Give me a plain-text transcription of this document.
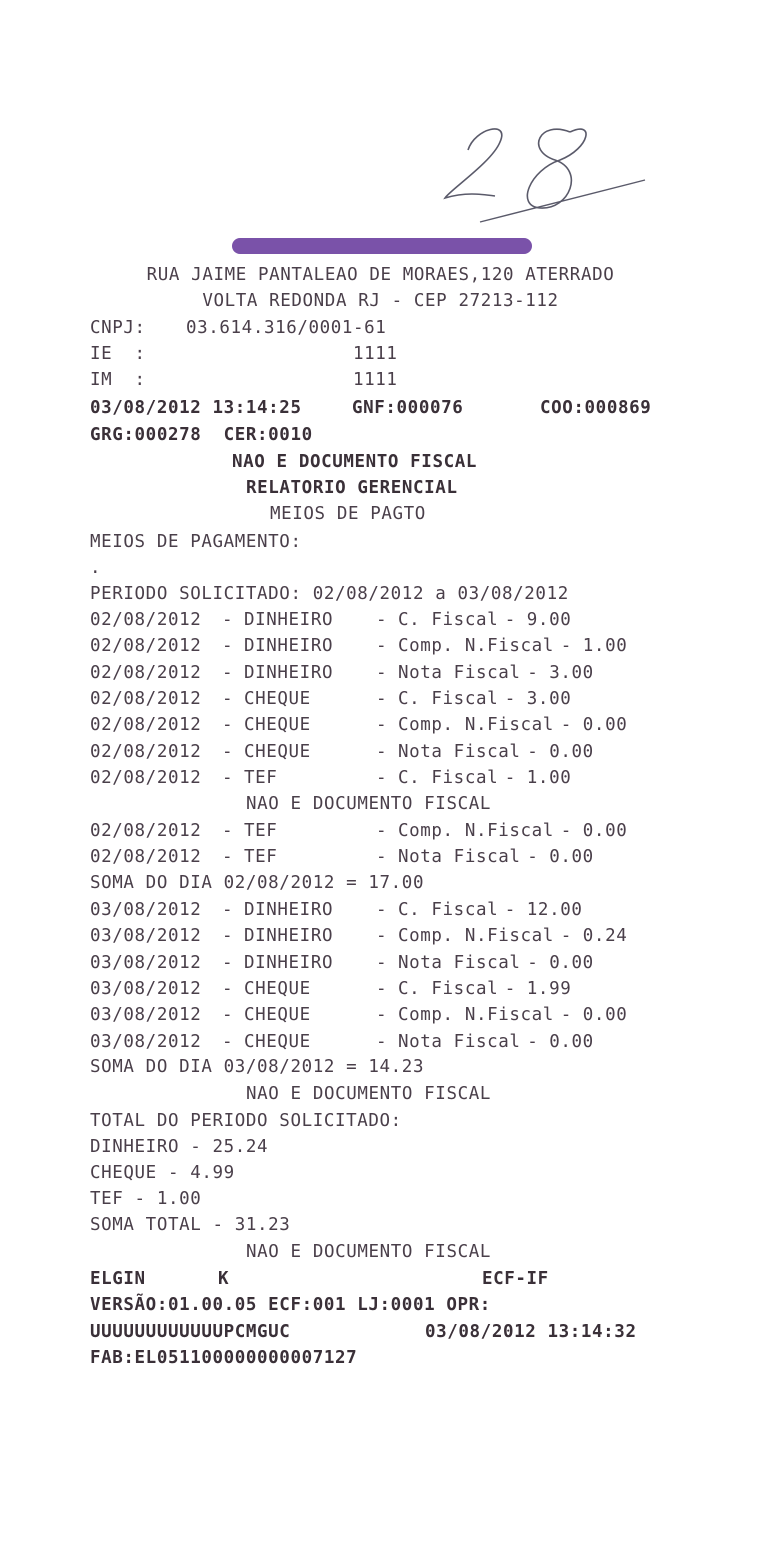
RUA JAIME PANTALEAO DE MORAES,120 ATERRADO
VOLTA REDONDA RJ - CEP 27213-112
CNPJ: 03.614.316/0001-61
IE  :	1111
IM  :	1111
03/08/2012 13:14:25	GNF:000076	COO:000869
GRG:000278  CER:0010
NAO E DOCUMENTO FISCAL
RELATORIO GERENCIAL
MEIOS DE PAGTO
MEIOS DE PAGAMENTO:
.
PERIODO SOLICITADO: 02/08/2012 a 03/08/2012
02/08/2012 - DINHEIRO - C. Fiscal - 9.00
02/08/2012 - DINHEIRO - Comp. N.Fiscal - 1.00
02/08/2012 - DINHEIRO - Nota Fiscal - 3.00
02/08/2012 - CHEQUE	- C. Fiscal - 3.00
02/08/2012 - CHEQUE	- Comp. N.Fiscal - 0.00
02/08/2012 - CHEQUE	- Nota Fiscal - 0.00
02/08/2012 - TEF	- C. Fiscal - 1.00
NAO E DOCUMENTO FISCAL
02/08/2012 - TEF	- Comp. N.Fiscal - 0.00
02/08/2012 - TEF	- Nota Fiscal - 0.00
SOMA DO DIA 02/08/2012 = 17.00
03/08/2012 - DINHEIRO - C. Fiscal - 12.00
03/08/2012 - DINHEIRO - Comp. N.Fiscal - 0.24
03/08/2012 - DINHEIRO - Nota Fiscal - 0.00
03/08/2012 - CHEQUE	- C. Fiscal - 1.99
03/08/2012 - CHEQUE	- Comp. N.Fiscal - 0.00
03/08/2012 - CHEQUE	- Nota Fiscal - 0.00
SOMA DO DIA 03/08/2012 = 14.23
NAO E DOCUMENTO FISCAL
TOTAL DO PERIODO SOLICITADO:
DINHEIRO - 25.24
CHEQUE - 4.99
TEF - 1.00
SOMA TOTAL - 31.23
NAO E DOCUMENTO FISCAL
ELGIN	K	ECF-IF
VERSÃO:01.00.05 ECF:001 LJ:0001 OPR:
UUUUUUUUUUUUPCMGUC	03/08/2012 13:14:32
FAB:EL051100000000007127
